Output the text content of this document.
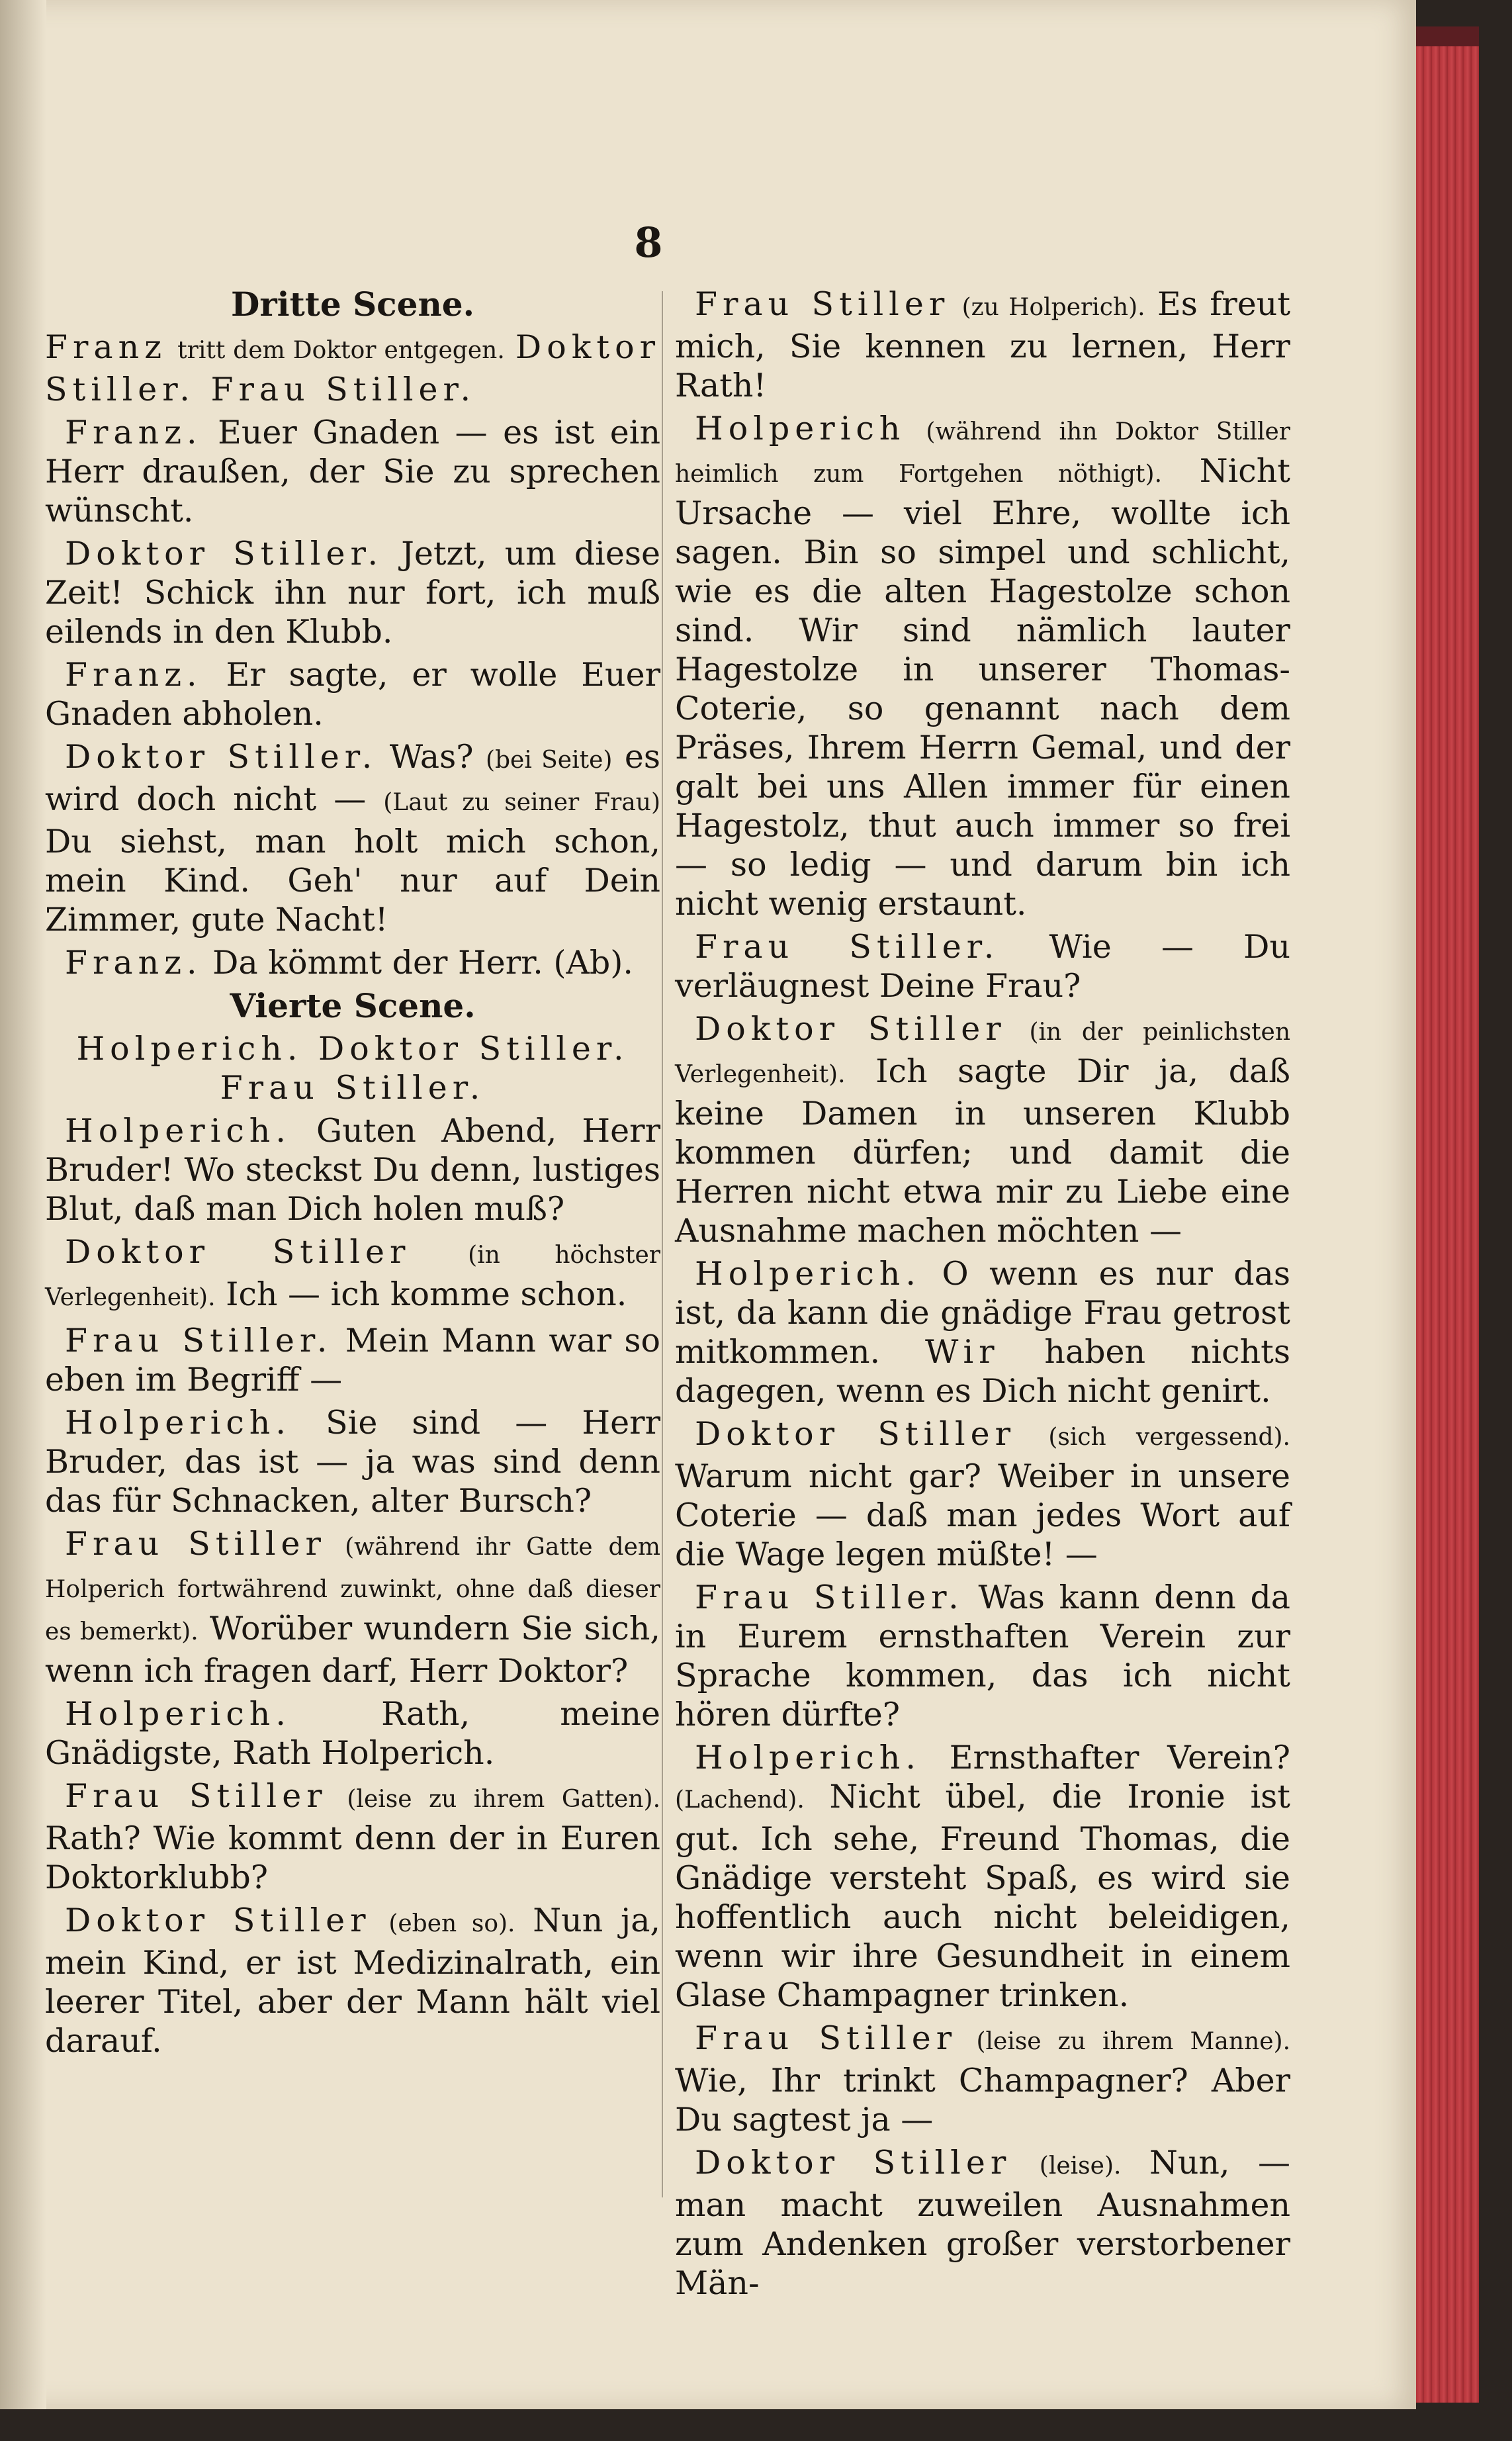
8

Dritte Scene.

Franz tritt dem Doktor entgegen. Doktor Stiller. Frau Stiller.

Franz. Euer Gnaden — es ist ein Herr draußen, der Sie zu sprechen wünscht.

Doktor Stiller. Jetzt, um diese Zeit! Schick ihn nur fort, ich muß eilends in den Klubb.

Franz. Er sagte, er wolle Euer Gnaden abholen.

Doktor Stiller. Was? (bei Seite) es wird doch nicht — (Laut zu seiner Frau) Du siehst, man holt mich schon, mein Kind. Geh' nur auf Dein Zimmer, gute Nacht!

Franz. Da kömmt der Herr. (Ab).

Vierte Scene.

Holperich. Doktor Stiller. Frau Stiller.

Holperich. Guten Abend, Herr Bruder! Wo steckst Du denn, lustiges Blut, daß man Dich holen muß?

Doktor Stiller (in höchster Verlegenheit). Ich — ich komme schon.

Frau Stiller. Mein Mann war so eben im Begriff —

Holperich. Sie sind — Herr Bruder, das ist — ja was sind denn das für Schnacken, alter Bursch?

Frau Stiller (während ihr Gatte dem Holperich fortwährend zuwinkt, ohne daß dieser es bemerkt). Worüber wundern Sie sich, wenn ich fragen darf, Herr Doktor?

Holperich.	Rath, meine Gnädigste, Rath Holperich.

Frau Stiller (leise zu ihrem Gatten). Rath? Wie kommt denn der in Euren Doktorklubb?

Doktor Stiller (eben so). Nun ja, mein Kind, er ist Medizinalrath, ein leerer Titel, aber der Mann hält viel darauf.

Frau Stiller (zu Holperich). Es freut mich, Sie kennen zu lernen, Herr Rath!

Holperich (während ihn Doktor Stiller heimlich zum Fortgehen nöthigt). Nicht Ursache — viel Ehre, wollte ich sagen. Bin so simpel und schlicht, wie es die alten Hagestolze schon sind. Wir sind nämlich lauter Hagestolze in unserer Thomas-Coterie, so genannt nach dem Präses, Ihrem Herrn Gemal, und der galt bei uns Allen immer für einen Hagestolz, thut auch immer so frei — so ledig — und darum bin ich nicht wenig erstaunt.

Frau Stiller. Wie — Du verläugnest Deine Frau?

Doktor Stiller (in der peinlichsten Verlegenheit). Ich sagte Dir ja, daß keine Damen in unseren Klubb kommen dürfen; und damit die Herren nicht etwa mir zu Liebe eine Ausnahme machen möchten —

Holperich. O wenn es nur das ist, da kann die gnädige Frau getrost mitkommen. Wir haben nichts dagegen, wenn es Dich nicht genirt.

Doktor Stiller (sich vergessend). Warum nicht gar? Weiber in unsere Coterie — daß man jedes Wort auf die Wage legen müßte! —

Frau Stiller. Was kann denn da in Eurem ernsthaften Verein zur Sprache kommen, das ich nicht hören dürfte?

Holperich. Ernsthafter Verein? (Lachend). Nicht übel, die Ironie ist gut. Ich sehe, Freund Thomas, die Gnädige versteht Spaß, es wird sie hoffentlich auch nicht beleidigen, wenn wir ihre Gesundheit in einem Glase Champagner trinken.

Frau Stiller (leise zu ihrem Manne). Wie, Ihr trinkt Champagner? Aber Du sagtest ja —

Doktor Stiller (leise). Nun, — man macht zuweilen Ausnahmen zum Andenken großer verstorbener Män-
